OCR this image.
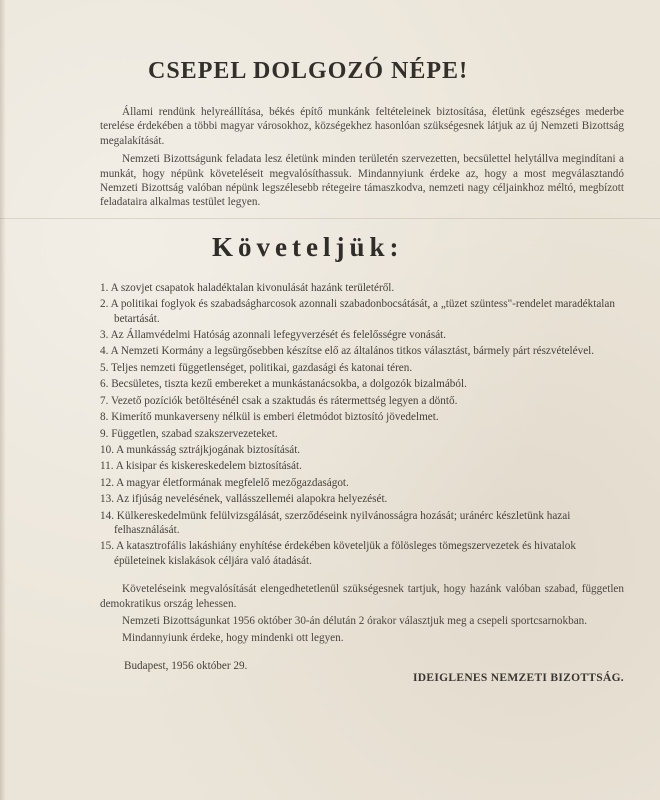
CSEPEL DOLGOZÓ NÉPE!

Állami rendünk helyreállítása, békés építő munkánk feltételeinek biztosítása, életünk egészséges mederbe terelése érdekében a többi magyar városokhoz, községekhez hasonlóan szükségesnek látjuk az új Nemzeti Bizottság megalakítását.

Nemzeti Bizottságunk feladata lesz életünk minden területén szervezetten, becsülettel helytállva megindítani a munkát, hogy népünk követeléseit megvalósíthassuk. Mindannyiunk érdeke az, hogy a most megválasztandó Nemzeti Bizottság valóban népünk legszélesebb rétegeire támaszkodva, nemzeti nagy céljainkhoz méltó, megbízott feladataira alkalmas testület legyen.

Követeljük:
1. A szovjet csapatok haladéktalan kivonulását hazánk területéről.
2. A politikai foglyok és szabadságharcosok azonnali szabadonbocsátását, a „tüzet szüntess"-rendelet maradéktalan betartását.
3. Az Államvédelmi Hatóság azonnali lefegyverzését és felelősségre vonását.
4. A Nemzeti Kormány a legsürgősebben készítse elő az általános titkos választást, bármely párt részvételével.
5. Teljes nemzeti függetlenséget, politikai, gazdasági és katonai téren.
6. Becsületes, tiszta kezű embereket a munkástanácsokba, a dolgozók bizalmából.
7. Vezető pozíciók betöltésénél csak a szaktudás és rátermettség legyen a döntő.
8. Kimerítő munkaverseny nélkül is emberi életmódot biztosító jövedelmet.
9. Független, szabad szakszervezeteket.
10. A munkásság sztrájkjogának biztosítását.
11. A kisipar és kiskereskedelem biztosítását.
12. A magyar életformának megfelelő mezőgazdaságot.
13. Az ifjúság nevelésének, vallásszelleméi alapokra helyezését.
14. Külkereskedelmünk felülvizsgálását, szerződéseink nyilvánosságra hozását; uránérc készletünk hazai felhasználását.
15. A katasztrofális lakáshiány enyhítése érdekében követeljük a fölösleges tömegszervezetek és hivatalok épületeinek kislakások céljára való átadását.

Követeléseink megvalósítását elengedhetetlenül szükségesnek tartjuk, hogy hazánk valóban szabad, független demokratikus ország lehessen.

Nemzeti Bizottságunkat 1956 október 30-án délután 2 órakor választjuk meg a csepeli sportcsarnokban.

Mindannyiunk érdeke, hogy mindenki ott legyen.

Budapest, 1956 október 29.
IDEIGLENES NEMZETI BIZOTTSÁG.
